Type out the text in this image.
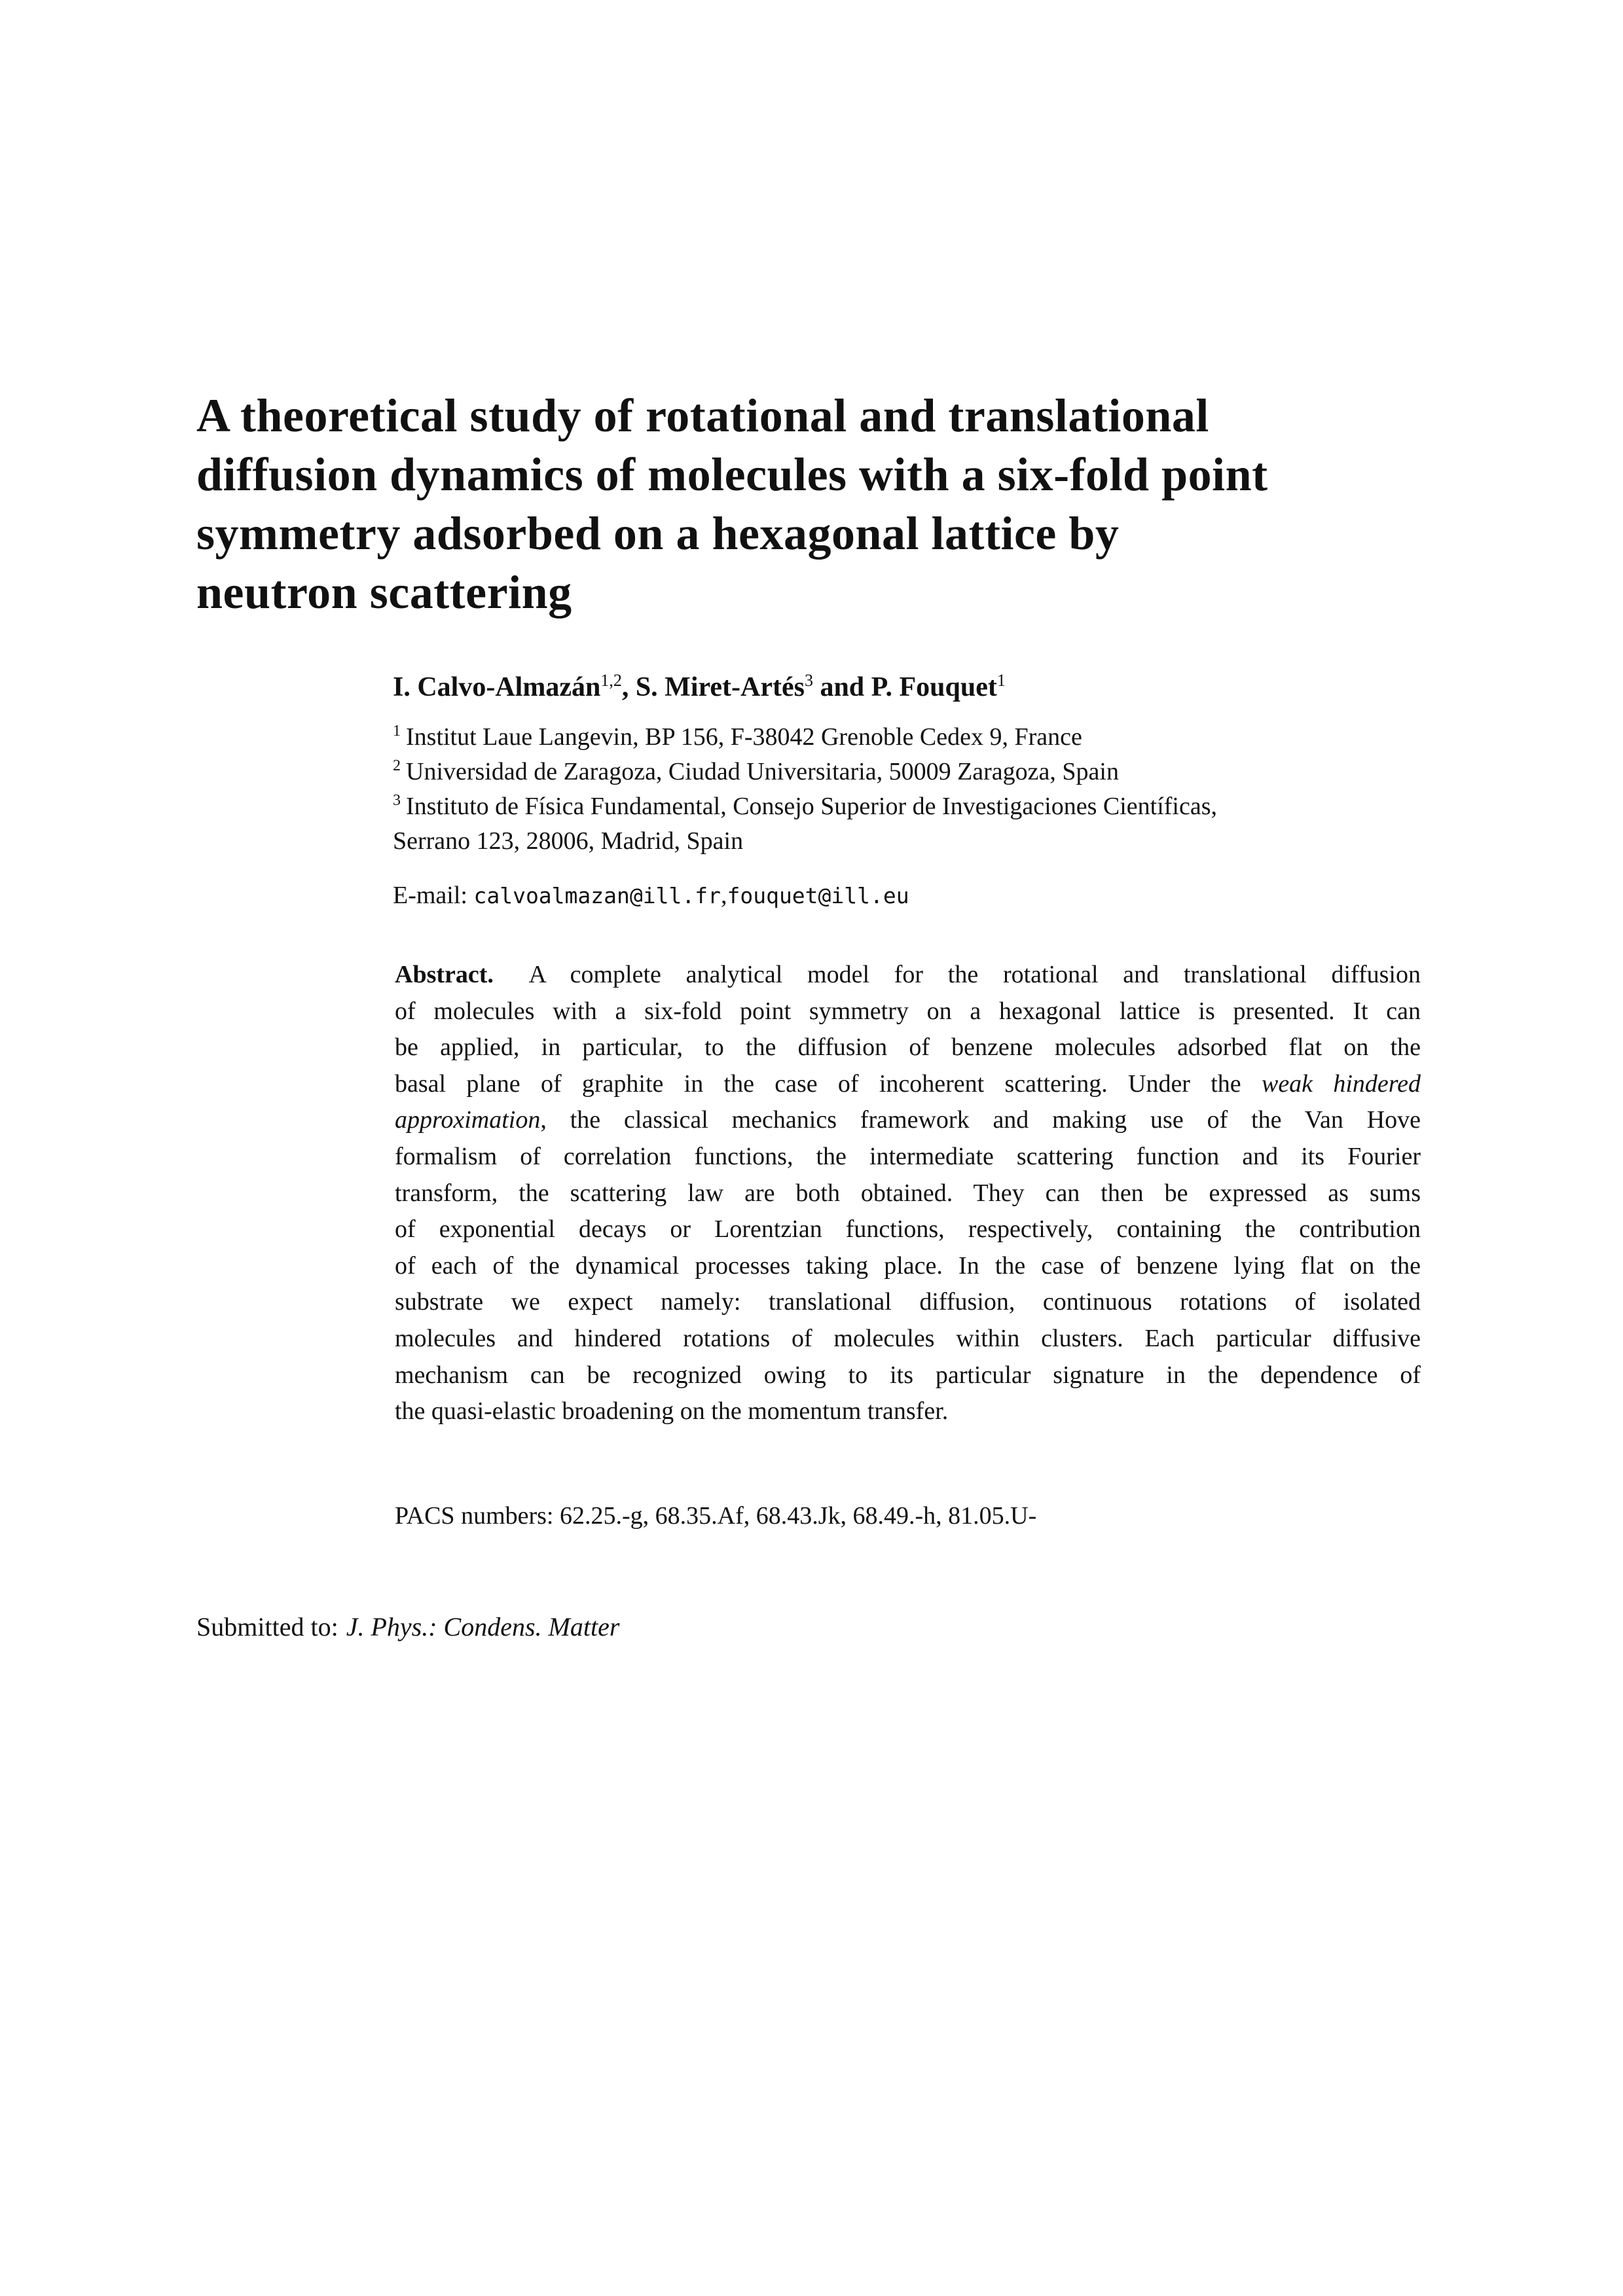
A theoretical study of rotational and translational
diffusion dynamics of molecules with a six-fold point
symmetry adsorbed on a hexagonal lattice by
neutron scattering
I. Calvo-Almazán$^{1,2}$, S. Miret-Artés$^3$ and P. Fouquet$^1$
$^1$ Institut Laue Langevin, BP 156, F-38042 Grenoble Cedex 9, France
$^2$ Universidad de Zaragoza, Ciudad Universitaria, 50009 Zaragoza, Spain
$^3$ Instituto de Física Fundamental, Consejo Superior de Investigaciones Científicas,
Serrano 123, 28006, Madrid, Spain
E-mail: calvoalmazan@ill.fr,fouquet@ill.eu
Abstract. A complete analytical model for the rotational and translational diffusion
of molecules with a six-fold point symmetry on a hexagonal lattice is presented. It can
be applied, in particular, to the diffusion of benzene molecules adsorbed flat on the
basal plane of graphite in the case of incoherent scattering. Under the weak hindered
approximation, the classical mechanics framework and making use of the Van Hove
formalism of correlation functions, the intermediate scattering function and its Fourier
transform, the scattering law are both obtained. They can then be expressed as sums
of exponential decays or Lorentzian functions, respectively, containing the contribution
of each of the dynamical processes taking place. In the case of benzene lying flat on the
substrate we expect namely: translational diffusion, continuous rotations of isolated
molecules and hindered rotations of molecules within clusters. Each particular diffusive
mechanism can be recognized owing to its particular signature in the dependence of
the quasi-elastic broadening on the momentum transfer.
PACS numbers: 62.25.-g, 68.35.Af, 68.43.Jk, 68.49.-h, 81.05.U-
Submitted to: J. Phys.: Condens. Matter
